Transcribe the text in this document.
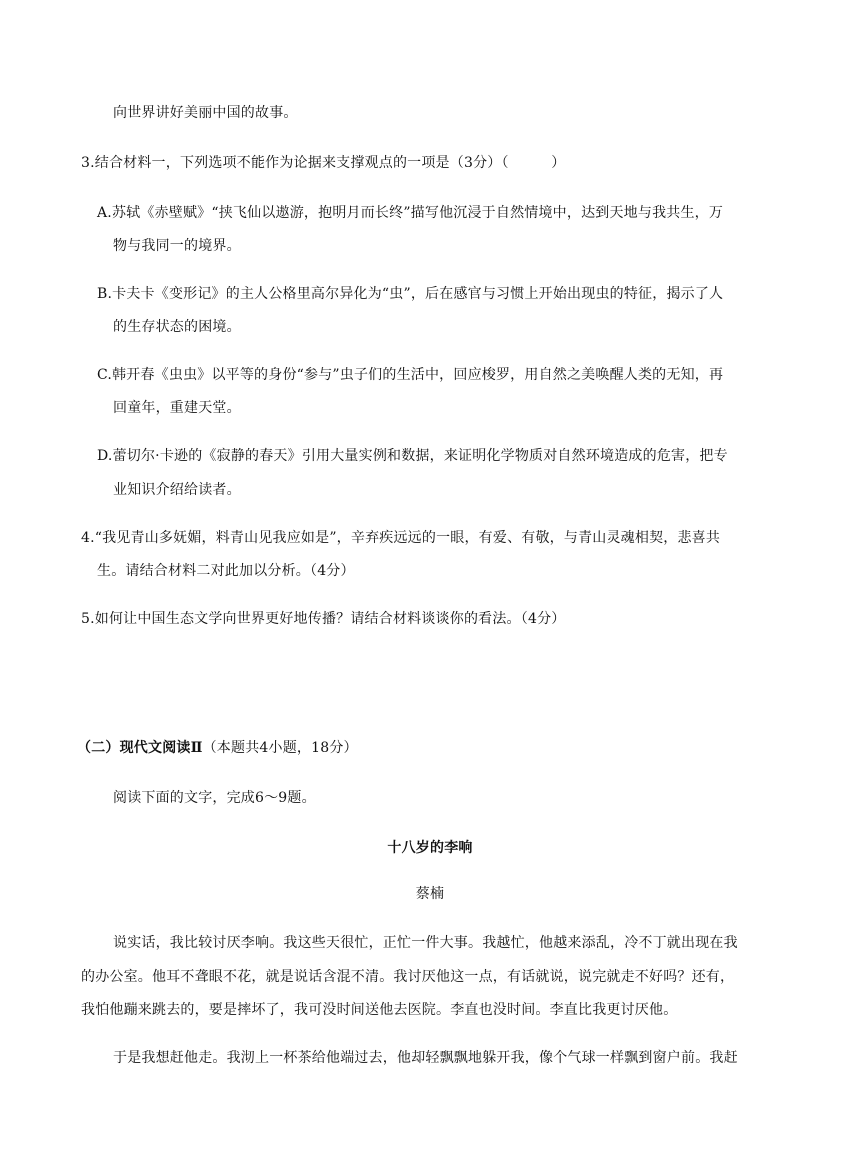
向世界讲好美丽中国的故事。
3.结合材料一，下列选项不能作为论据来支撑观点的一项是（3分）（　　　）
A.苏轼《赤壁赋》“挟飞仙以遨游，抱明月而长终”描写他沉浸于自然情境中，达到天地与我共生，万
物与我同一的境界。
B.卡夫卡《变形记》的主人公格里高尔异化为“虫”，后在感官与习惯上开始出现虫的特征，揭示了人
的生存状态的困境。
C.韩开春《虫虫》以平等的身份“参与”虫子们的生活中，回应梭罗，用自然之美唤醒人类的无知，再
回童年，重建天堂。
D.蕾切尔·卡逊的《寂静的春天》引用大量实例和数据，来证明化学物质对自然环境造成的危害，把专
业知识介绍给读者。
4.“我见青山多妩媚，料青山见我应如是”，辛弃疾远远的一眼，有爱、有敬，与青山灵魂相契，悲喜共
生。请结合材料二对此加以分析。（4分）
5.如何让中国生态文学向世界更好地传播？请结合材料谈谈你的看法。（4分）
（二）现代文阅读Ⅱ（本题共4小题，18分）
阅读下面的文字，完成6～9题。
十八岁的李响
蔡楠
说实话，我比较讨厌李响。我这些天很忙，正忙一件大事。我越忙，他越来添乱，冷不丁就出现在我
的办公室。他耳不聋眼不花，就是说话含混不清。我讨厌他这一点，有话就说，说完就走不好吗？还有，
我怕他蹦来跳去的，要是摔坏了，我可没时间送他去医院。李直也没时间。李直比我更讨厌他。
于是我想赶他走。我沏上一杯茶给他端过去，他却轻飘飘地躲开我，像个气球一样飘到窗户前。我赶
